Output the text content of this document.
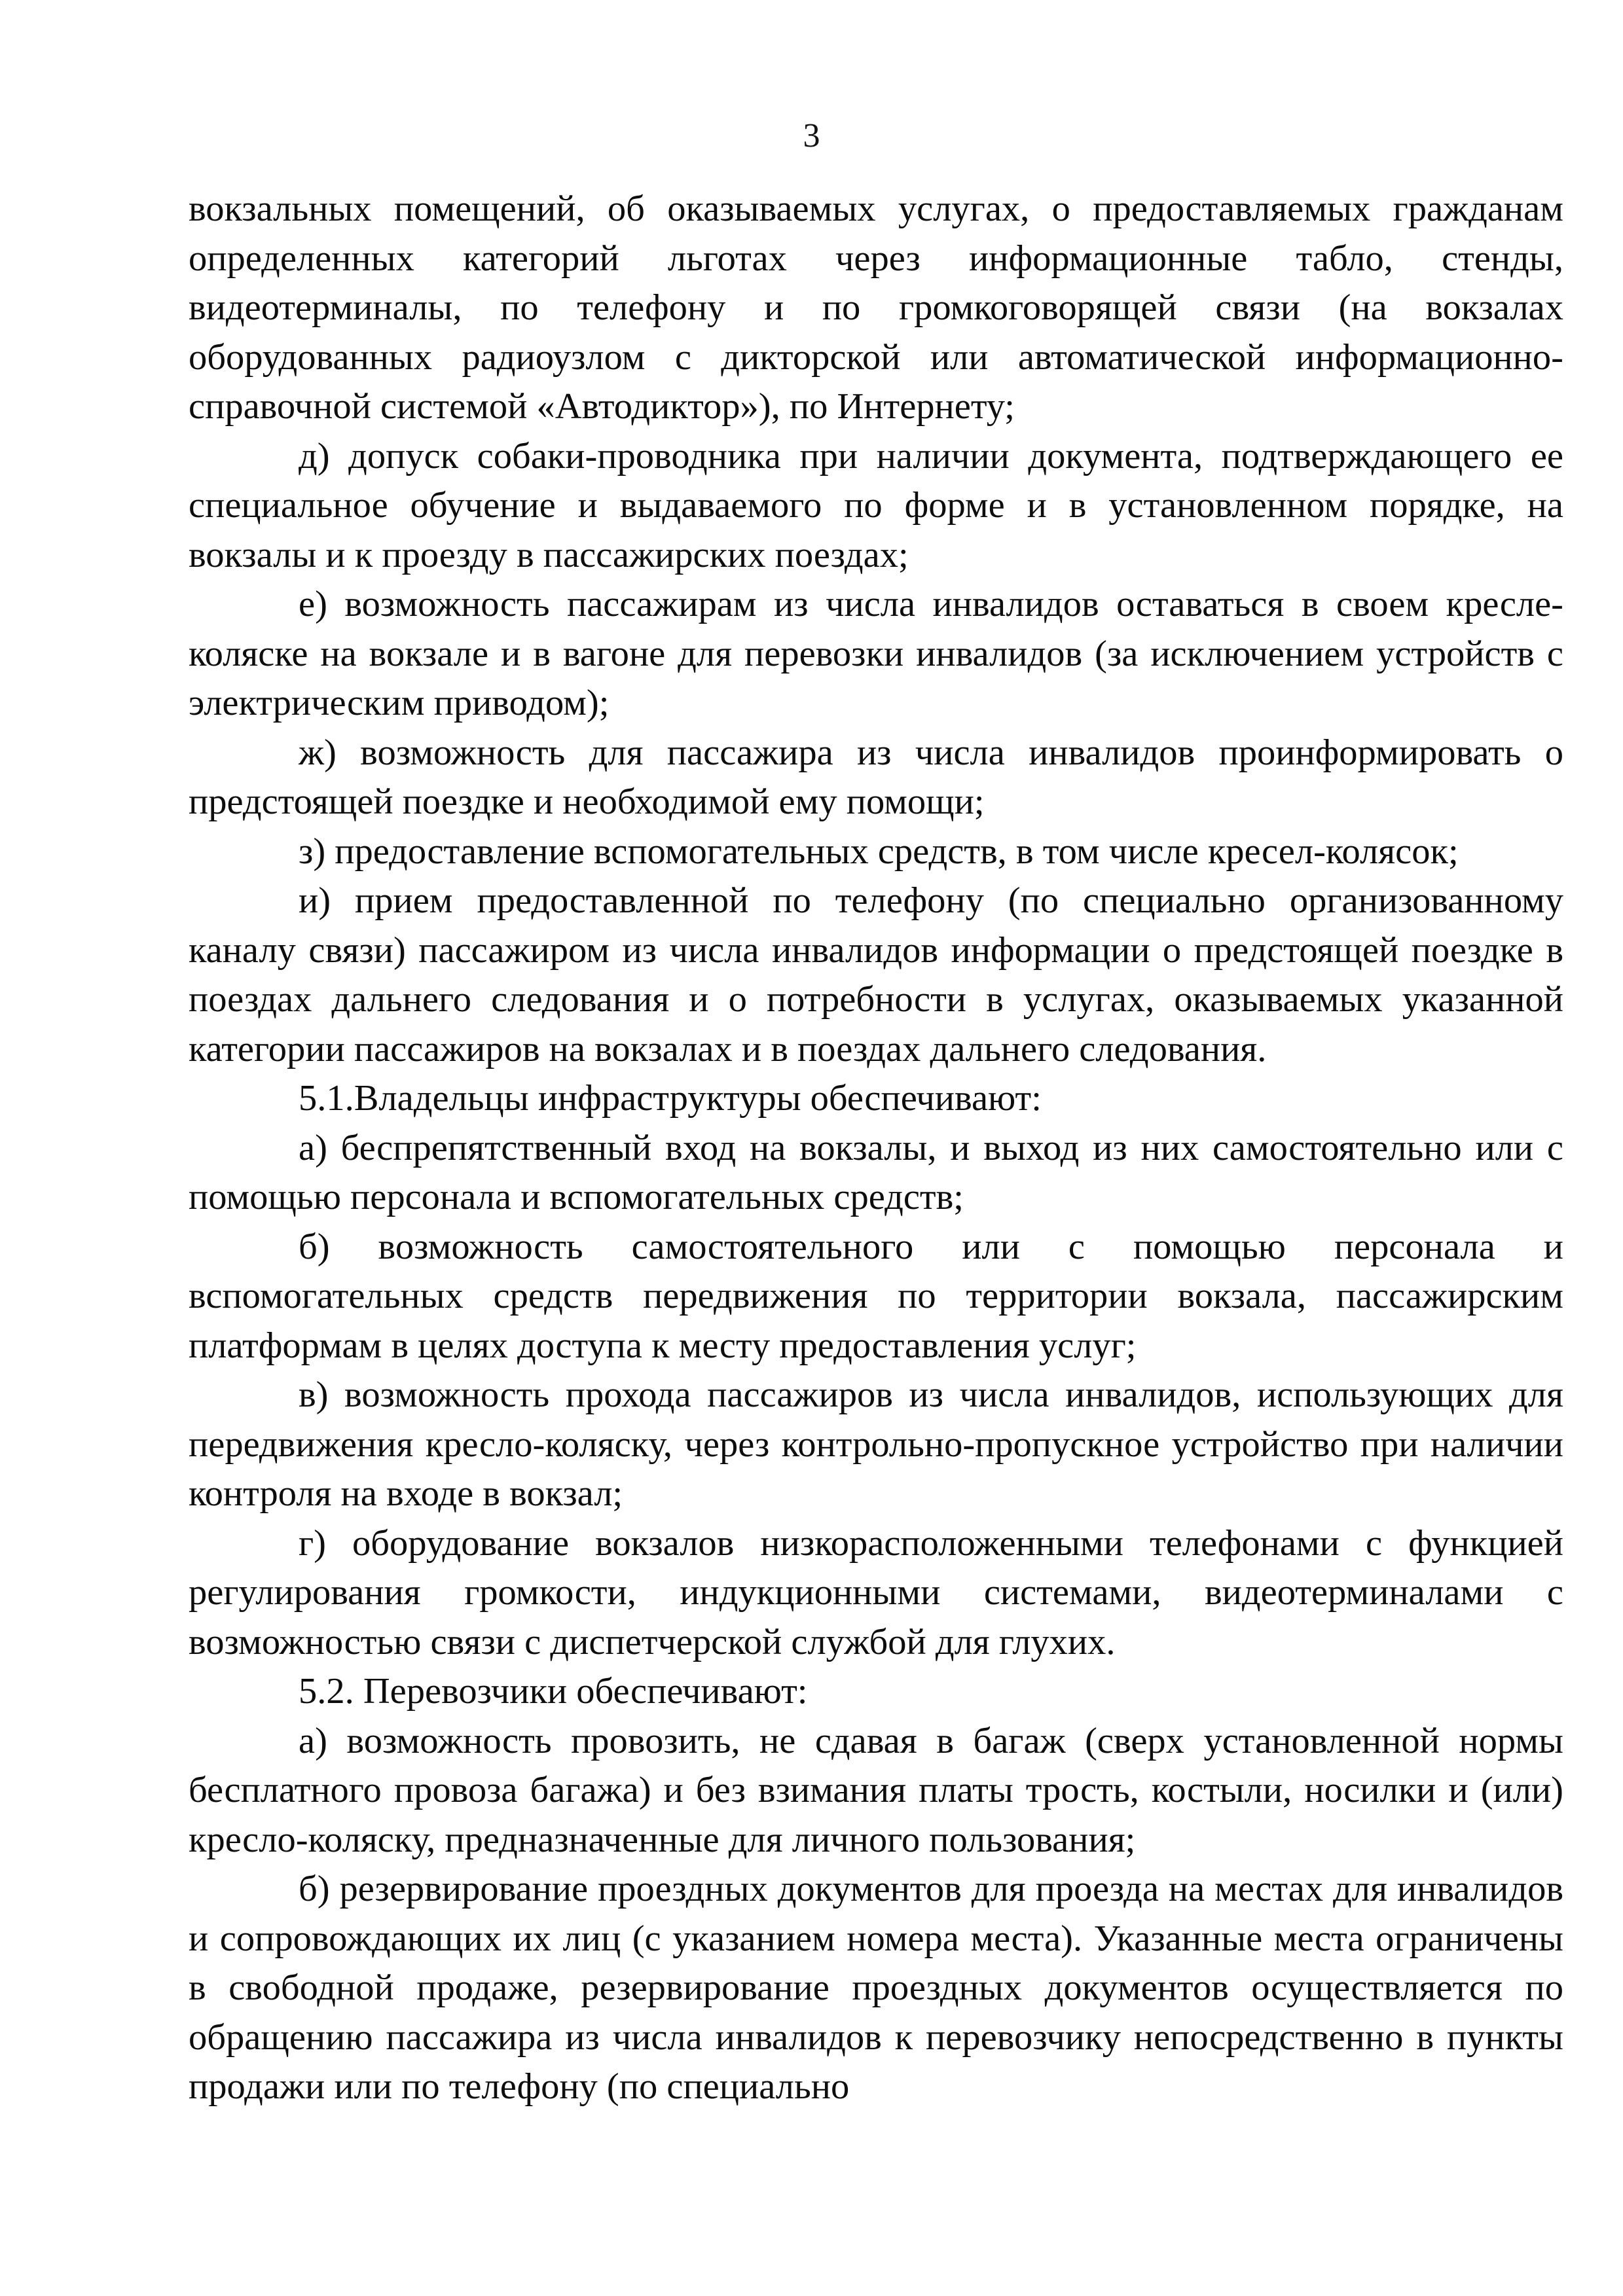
3

вокзальных помещений, об оказываемых услугах, о предоставляемых гражданам определенных категорий льготах через информационные табло, стенды, видеотерминалы, по телефону и по громкоговорящей связи (на вокзалах оборудованных радиоузлом с дикторской или автоматической информационно-справочной системой «Автодиктор»), по Интернету;

д) допуск собаки-проводника при наличии документа, подтверждающего ее специальное обучение и выдаваемого по форме и в установленном порядке, на вокзалы и к проезду в пассажирских поездах;

е) возможность пассажирам из числа инвалидов оставаться в своем кресле-коляске на вокзале и в вагоне для перевозки инвалидов (за исключением устройств с электрическим приводом);

ж) возможность для пассажира из числа инвалидов проинформировать о предстоящей поездке и необходимой ему помощи;

з) предоставление вспомогательных средств, в том числе кресел-колясок;

и) прием предоставленной по телефону (по специально организованному каналу связи) пассажиром из числа инвалидов информации о предстоящей поездке в поездах дальнего следования и о потребности в услугах, оказываемых указанной категории пассажиров на вокзалах и в поездах дальнего следования.

5.1.Владельцы инфраструктуры обеспечивают:

а) беспрепятственный вход на вокзалы, и выход из них самостоятельно или с помощью персонала и вспомогательных средств;

б) возможность самостоятельного или с помощью персонала и вспомогательных средств передвижения по территории вокзала, пассажирским платформам в целях доступа к месту предоставления услуг;

в) возможность прохода пассажиров из числа инвалидов, использующих для передвижения кресло-коляску, через контрольно-пропускное устройство при наличии контроля на входе в вокзал;

г) оборудование вокзалов низкорасположенными телефонами с функцией регулирования громкости, индукционными системами, видеотерминалами с возможностью связи с диспетчерской службой для глухих.

5.2. Перевозчики обеспечивают:

а) возможность провозить, не сдавая в багаж (сверх установленной нормы бесплатного провоза багажа) и без взимания платы трость, костыли, носилки и (или) кресло-коляску, предназначенные для личного пользования;

б) резервирование проездных документов для проезда на местах для инвалидов и сопровождающих их лиц (с указанием номера места). Указанные места ограничены в свободной продаже, резервирование проездных документов осуществляется по обращению пассажира из числа инвалидов к перевозчику непосредственно в пункты продажи или по телефону (по специально
